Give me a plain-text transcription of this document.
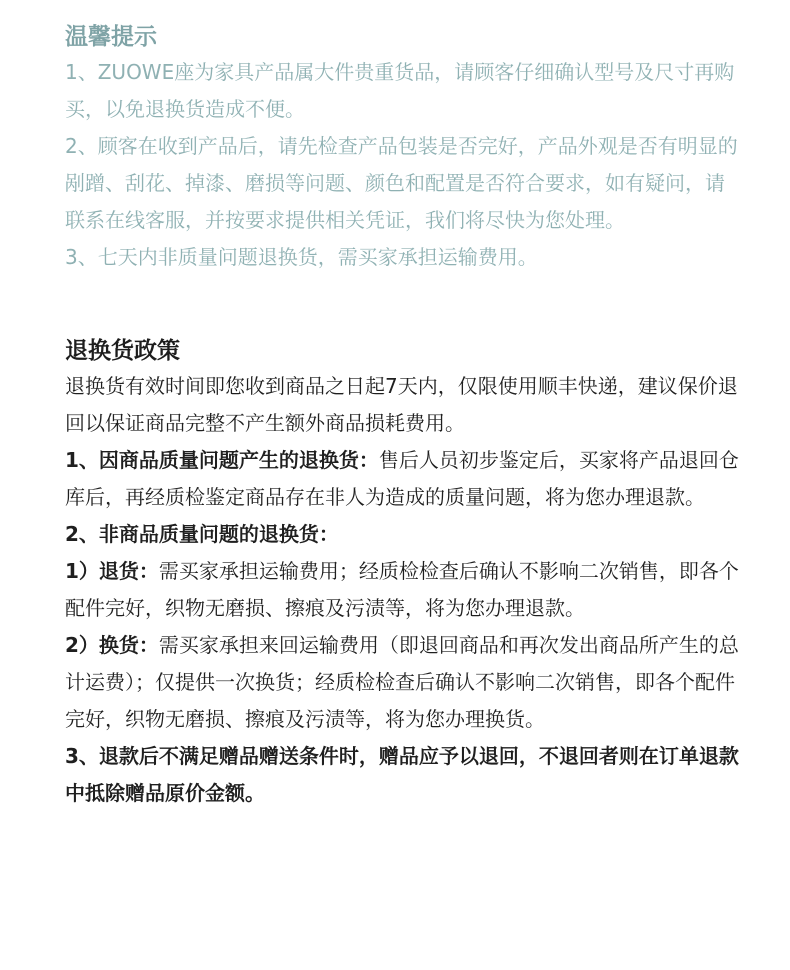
温馨提示

1、ZUOWE座为家具产品属大件贵重货品，请顾客仔细确认型号及尺寸再购买，以免退换货造成不便。

2、顾客在收到产品后，请先检查产品包装是否完好，产品外观是否有明显的剐蹭、刮花、掉漆、磨损等问题、颜色和配置是否符合要求，如有疑问，请联系在线客服，并按要求提供相关凭证，我们将尽快为您处理。

3、七天内非质量问题退换货，需买家承担运输费用。

退换货政策

退换货有效时间即您收到商品之日起7天内，仅限使用顺丰快递，建议保价退回以保证商品完整不产生额外商品损耗费用。

1、因商品质量问题产生的退换货：售后人员初步鉴定后，买家将产品退回仓库后，再经质检鉴定商品存在非人为造成的质量问题，将为您办理退款。

2、非商品质量问题的退换货：

1）退货：需买家承担运输费用；经质检检查后确认不影响二次销售，即各个配件完好，织物无磨损、擦痕及污渍等，将为您办理退款。

2）换货：需买家承担来回运输费用（即退回商品和再次发出商品所产生的总计运费）；仅提供一次换货；经质检检查后确认不影响二次销售，即各个配件完好，织物无磨损、擦痕及污渍等，将为您办理换货。

3、退款后不满足赠品赠送条件时，赠品应予以退回，不退回者则在订单退款中抵除赠品原价金额。
